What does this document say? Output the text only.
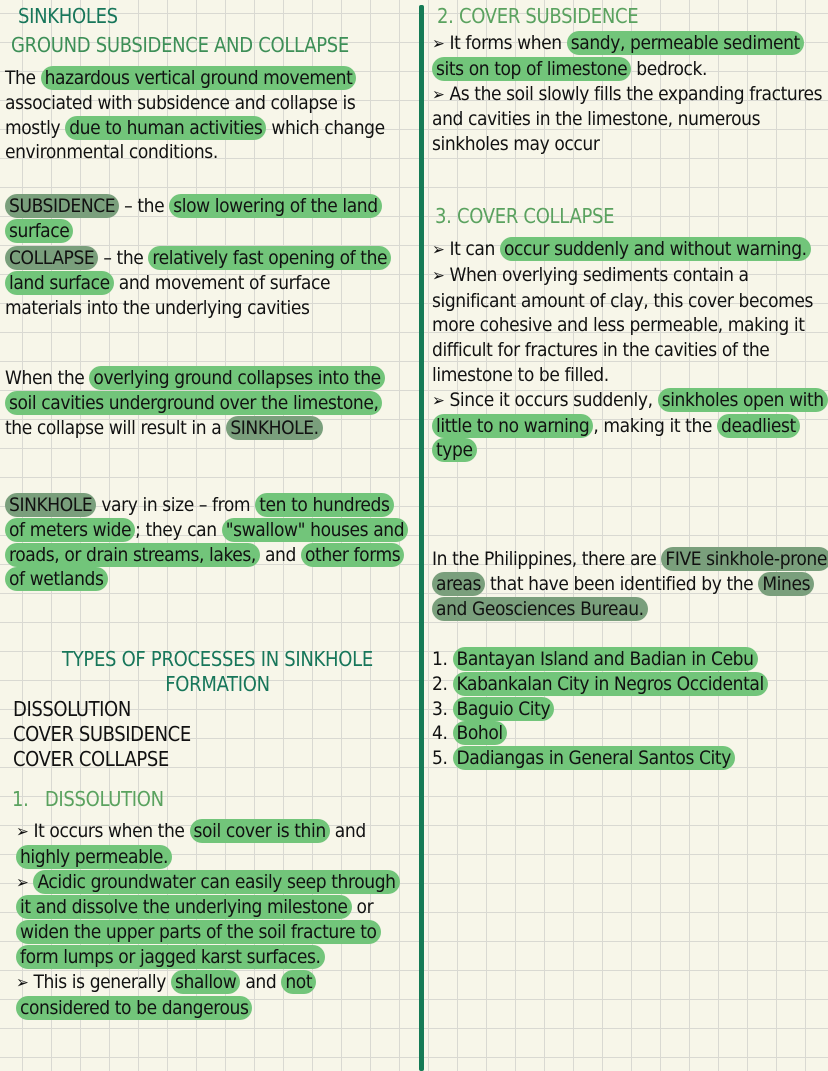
SINKHOLES
GROUND SUBSIDENCE AND COLLAPSE

The hazardous vertical ground movement associated with subsidence and collapse is mostly due to human activities which change environmental conditions.

SUBSIDENCE – the slow lowering of the land surface

COLLAPSE – the relatively fast opening of the land surface and movement of surface materials into the underlying cavities

When the overlying ground collapses into the soil cavities underground over the limestone, the collapse will result in a SINKHOLE.

SINKHOLE vary in size – from ten to hundreds of meters wide ; they can "swallow" houses and roads, or drain streams, lakes, and other forms of wetlands

TYPES OF PROCESSES IN SINKHOLE FORMATION
DISSOLUTION
COVER SUBSIDENCE
COVER COLLAPSE
1. DISSOLUTION

➢ It occurs when the soil cover is thin and highly permeable.

➢ Acidic groundwater can easily seep through it and dissolve the underlying milestone or widen the upper parts of the soil fracture to form lumps or jagged karst surfaces.

➢ This is generally shallow and not considered to be dangerous

2. COVER SUBSIDENCE

➢ It forms when sandy, permeable sediment sits on top of limestone bedrock.

➢ As the soil slowly fills the expanding fractures and cavities in the limestone, numerous sinkholes may occur

3. COVER COLLAPSE

➢ It can occur suddenly and without warning.

➢ When overlying sediments contain a significant amount of clay, this cover becomes more cohesive and less permeable, making it difficult for fractures in the cavities of the limestone to be filled.

➢ Since it occurs suddenly, sinkholes open with little to no warning , making it the deadliest type

In the Philippines, there are FIVE sinkhole-prone areas that have been identified by the Mines and Geosciences Bureau.

1. Bantayan Island and Badian in Cebu
2. Kabankalan City in Negros Occidental
3. Baguio City
4. Bohol
5. Dadiangas in General Santos City
